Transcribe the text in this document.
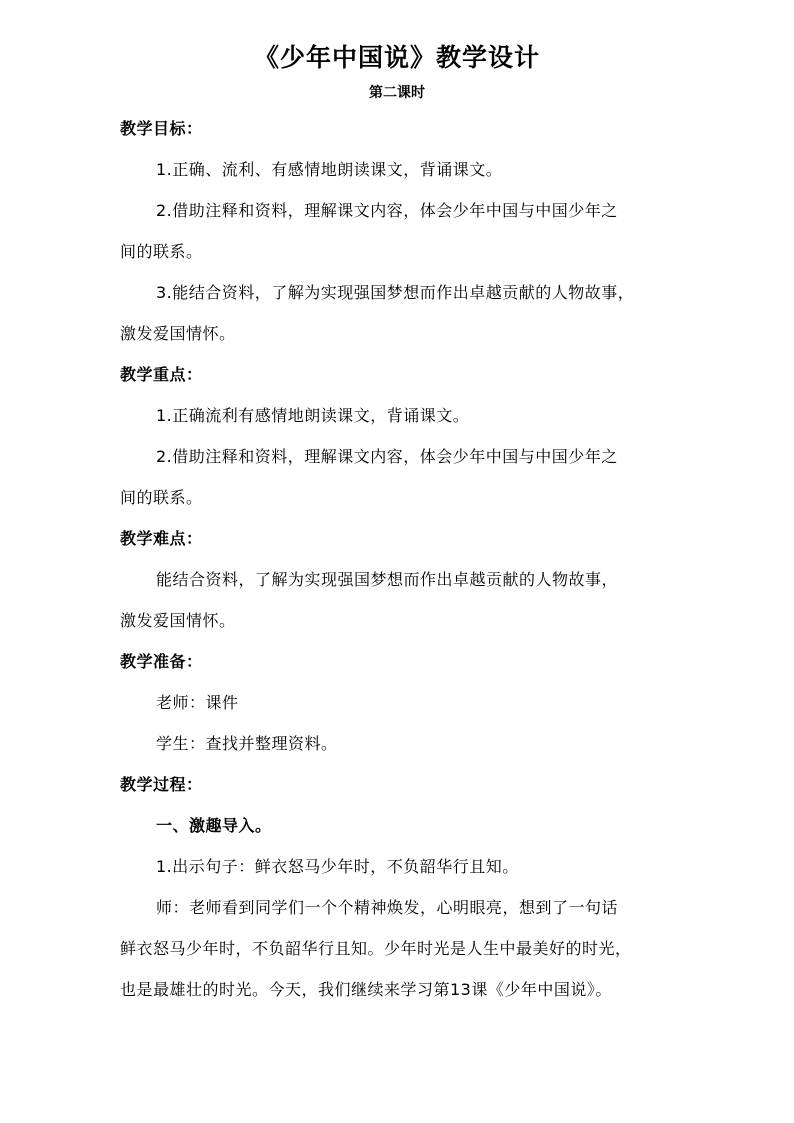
《少年中国说》教学设计
第二课时
教学目标：
1.正确、流利、有感情地朗读课文，背诵课文。
2.借助注释和资料，理解课文内容，体会少年中国与中国少年之
间的联系。
3.能结合资料，了解为实现强国梦想而作出卓越贡献的人物故事，
激发爱国情怀。
教学重点：
1.正确流利有感情地朗读课文，背诵课文。
2.借助注释和资料，理解课文内容，体会少年中国与中国少年之
间的联系。
教学难点：
能结合资料，了解为实现强国梦想而作出卓越贡献的人物故事，
激发爱国情怀。
教学准备：
老师：课件
学生：查找并整理资料。
教学过程：
一、激趣导入。
1.出示句子：鲜衣怒马少年时，不负韶华行且知。
师：老师看到同学们一个个精神焕发，心明眼亮，想到了一句话
鲜衣怒马少年时，不负韶华行且知。少年时光是人生中最美好的时光，
也是最雄壮的时光。今天，我们继续来学习第13课《少年中国说》。
